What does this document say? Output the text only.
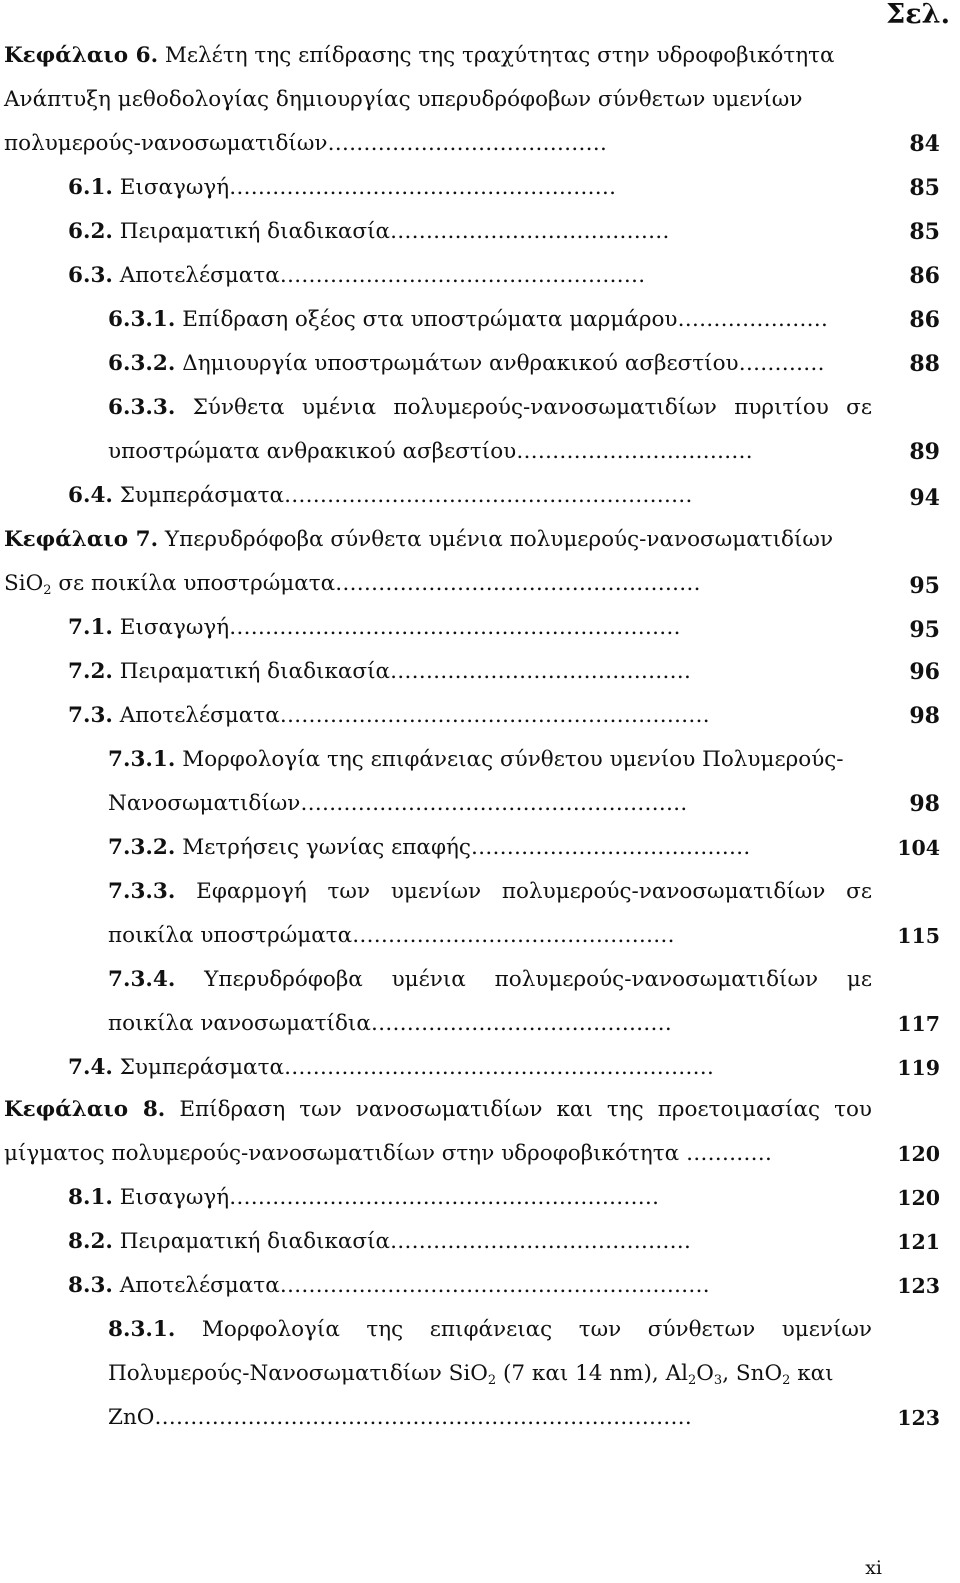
Σελ.
Κεφάλαιο 6. Μελέτη της επίδρασης της τραχύτητας στην υδροφοβικότητα
Ανάπτυξη μεθοδολογίας δημιουργίας υπερυδρόφοβων σύνθετων υμενίων
πολυμερούς-νανοσωματιδίων…………………………………	84
6.1. Εισαγωγή………………………………………………	85
6.2. Πειραματική διαδικασία…………………………………	85
6.3. Αποτελέσματα……………………………………………	86
6.3.1. Επίδραση οξέος στα υποστρώματα μαρμάρου…………………	86
6.3.2. Δημιουργία υποστρωμάτων ανθρακικού ασβεστίου…………	88
6.3.3. Σύνθετα υμένια πολυμερούς-νανοσωματιδίων πυριτίου σε
υποστρώματα ανθρακικού ασβεστίου……………………………	89
6.4. Συμπεράσματα…………………………………………………	94
Κεφάλαιο 7. Υπερυδρόφοβα σύνθετα υμένια πολυμερούς-νανοσωματιδίων
SiO$_2$ σε ποικίλα υποστρώματα……………………………………………	95
7.1. Εισαγωγή………………………………………………………	95
7.2. Πειραματική διαδικασία……………………………………	96
7.3. Αποτελέσματα……………………………………………………	98
7.3.1. Μορφολογία της επιφάνειας σύνθετου υμενίου Πολυμερούς-
Νανοσωματιδίων………………………………………………	98
7.3.2. Μετρήσεις γωνίας επαφής…………………………………	104
7.3.3. Εφαρμογή των υμενίων πολυμερούς-νανοσωματιδίων σε
ποικίλα υποστρώματα………………………………………	115
7.3.4. Υπερυδρόφοβα υμένια πολυμερούς-νανοσωματιδίων με
ποικίλα νανοσωματίδια……………………………………	117
7.4. Συμπεράσματα……………………………………………………	119
Κεφάλαιο 8. Επίδραση των νανοσωματιδίων και της προετοιμασίας του
μίγματος πολυμερούς-νανοσωματιδίων στην υδροφοβικότητα …………	120
8.1. Εισαγωγή……………………………………………………	120
8.2. Πειραματική διαδικασία……………………………………	121
8.3. Αποτελέσματα……………………………………………………	123
8.3.1. Μορφολογία της επιφάνειας των σύνθετων υμενίων
Πολυμερούς-Νανοσωματιδίων SiO$_2$ (7 και 14 nm), $Al_2O_3$, SnO$_2$ και
ZnO…………………………………………………………………	123
xi
